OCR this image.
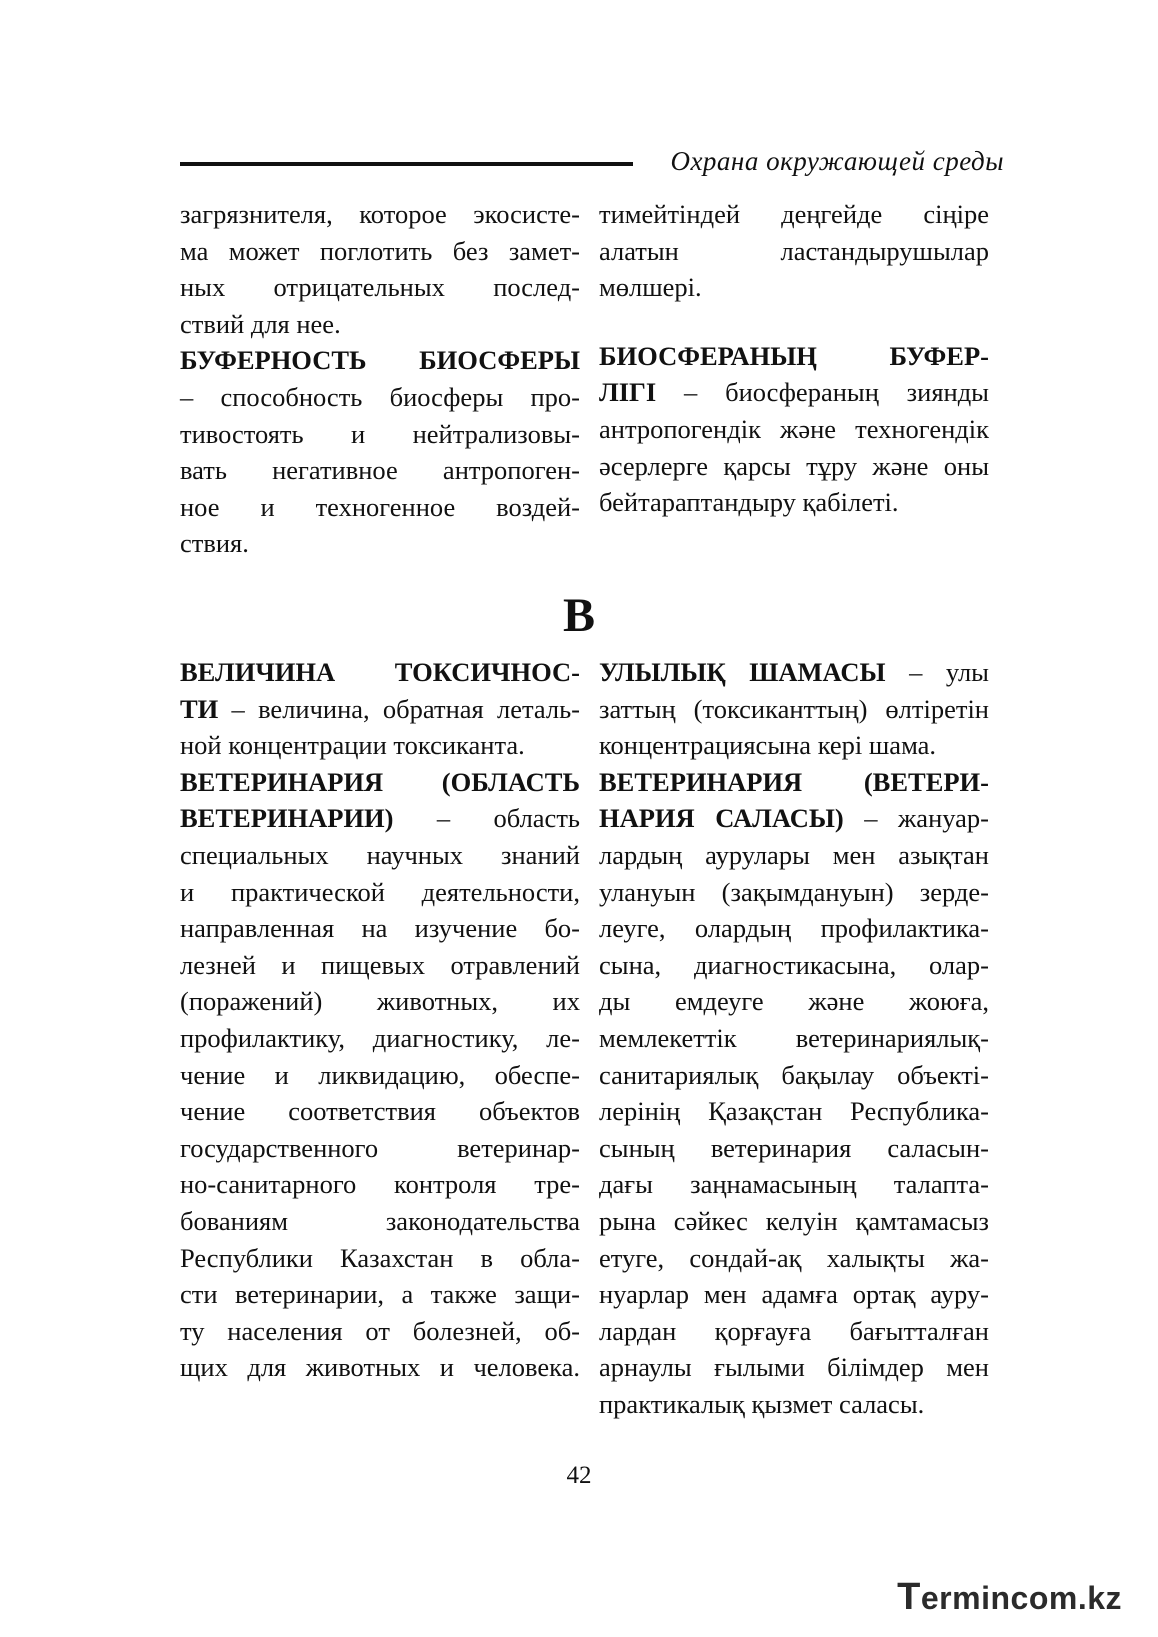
Охрана окружающей среды
загрязнителя, которое экосисте-
ма может поглотить без замет-
ных отрицательных послед-
ствий для нее.
БУФЕРНОСТЬ БИОСФЕРЫ
– способность биосферы про-
тивостоять и нейтрализовы-
вать негативное антропоген-
ное и техногенное воздей-
ствия.
тимейтіндей деңгейде сіңіре
алатын ластандырушылар
мөлшері.
БИОСФЕРАНЫҢ БУФЕР-
ЛІГІ – биосфераның зиянды
антропогендік және техногендік
әсерлерге қарсы тұру және оны
бейтараптандыру қабілеті.
В
ВЕЛИЧИНА ТОКСИЧНОС-
ТИ – величина, обратная леталь-
ной концентрации токсиканта.
ВЕТЕРИНАРИЯ (ОБЛАСТЬ
ВЕТЕРИНАРИИ) – область
специальных научных знаний
и практической деятельности,
направленная на изучение бо-
лезней и пищевых отравлений
(поражений) животных, их
профилактику, диагностику, ле-
чение и ликвидацию, обеспе-
чение соответствия объектов
государственного ветеринар-
но-санитарного контроля тре-
бованиям законодательства
Республики Казахстан в обла-
сти ветеринарии, а также защи-
ту населения от болезней, об-
щих для животных и человека.
УЛЫЛЫҚ ШАМАСЫ – улы
заттың (токсиканттың) өлтіретін
концентрациясына кері шама.
ВЕТЕРИНАРИЯ (ВЕТЕРИ-
НАРИЯ САЛАСЫ) – жануар-
лардың аурулары мен азықтан
улануын (зақымдануын) зерде-
леуге, олардың профилактика-
сына, диагностикасына, олар-
ды емдеуге және жоюға,
мемлекеттік ветеринариялық-
санитариялық бақылау объектi-
лерiнiң Қазақстан Республика-
сының ветеринария саласын-
дағы заңнамасының талапта-
рына сәйкес келуiн қамтамасыз
етуге, сондай-ақ халықты жа-
нуарлар мен адамға ортақ ауру-
лардан қорғауға бағытталған
арнаулы ғылыми бiлiмдер мен
практикалық қызмет саласы.
42
Termincom.kz
